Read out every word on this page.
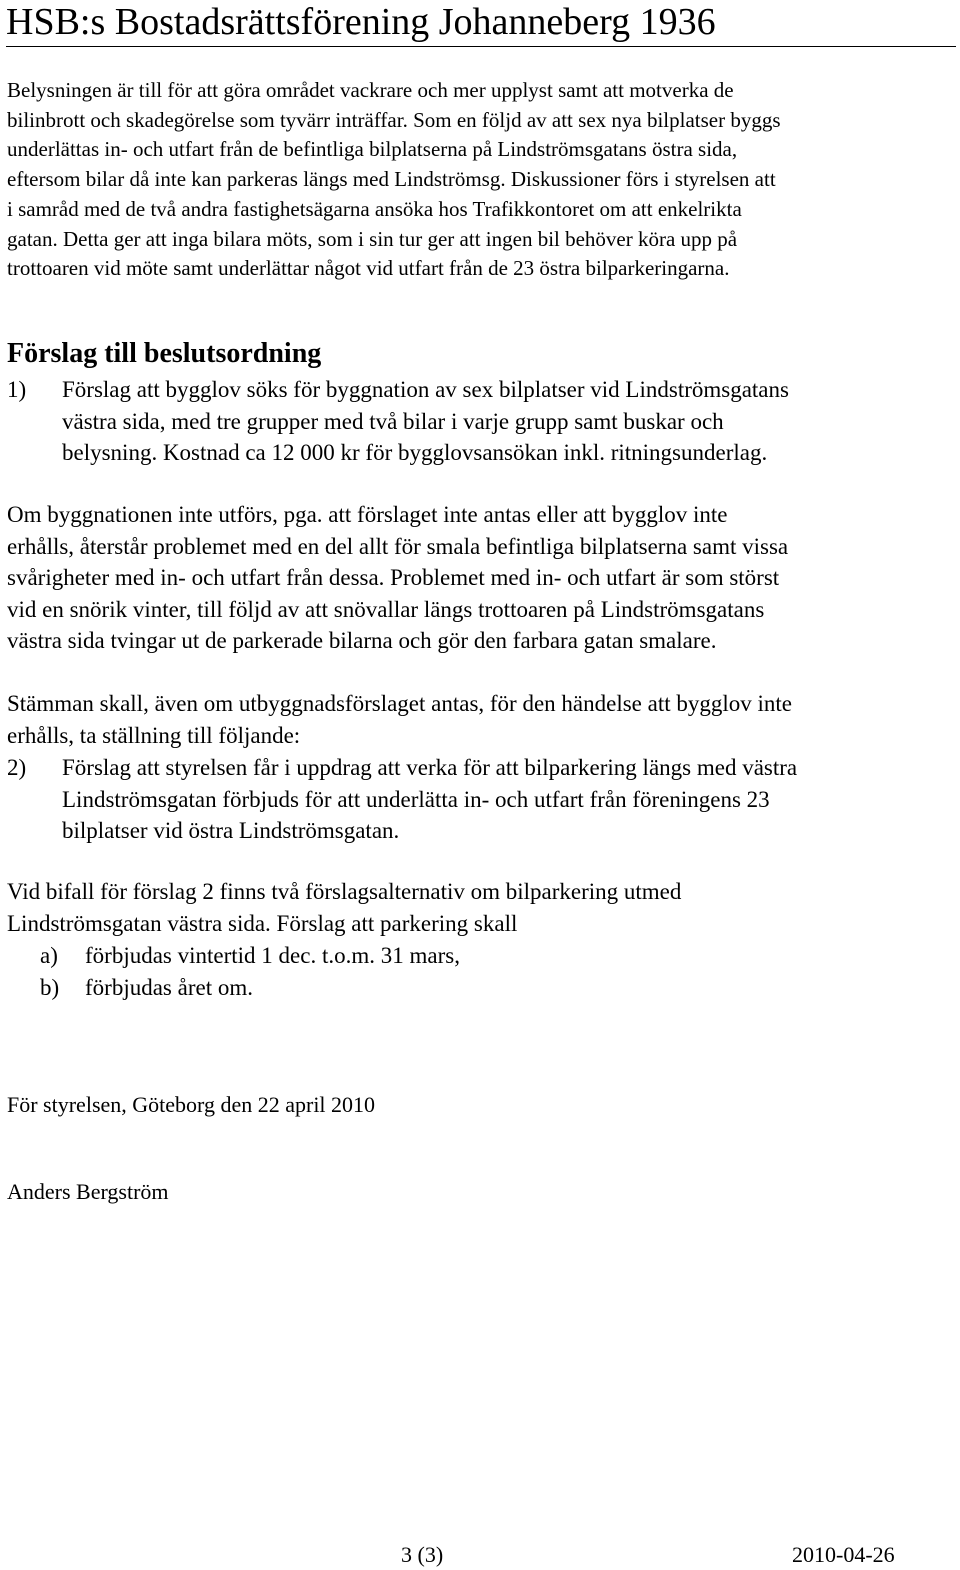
HSB:s Bostadsrättsförening Johanneberg 1936
Belysningen är till för att göra området vackrare och mer upplyst samt att motverka de
bilinbrott och skadegörelse som tyvärr inträffar. Som en följd av att sex nya bilplatser byggs
underlättas in- och utfart från de befintliga bilplatserna på Lindströmsgatans östra sida,
eftersom bilar då inte kan parkeras längs med Lindströmsg. Diskussioner förs i styrelsen att
i samråd med de två andra fastighetsägarna ansöka hos Trafikkontoret om att enkelrikta
gatan. Detta ger att inga bilara möts, som i sin tur ger att ingen bil behöver köra upp på
trottoaren vid möte samt underlättar något vid utfart från de 23 östra bilparkeringarna.
Förslag till beslutsordning
1) Förslag att bygglov söks för byggnation av sex bilplatser vid Lindströmsgatans
västra sida, med tre grupper med två bilar i varje grupp samt buskar och
belysning. Kostnad ca 12 000 kr för bygglovsansökan inkl. ritningsunderlag.
Om byggnationen inte utförs, pga. att förslaget inte antas eller att bygglov inte
erhålls, återstår problemet med en del allt för smala befintliga bilplatserna samt vissa
svårigheter med in- och utfart från dessa. Problemet med in- och utfart är som störst
vid en snörik vinter, till följd av att snövallar längs trottoaren på Lindströmsgatans
västra sida tvingar ut de parkerade bilarna och gör den farbara gatan smalare.
Stämman skall, även om utbyggnadsförslaget antas, för den händelse att bygglov inte
erhålls, ta ställning till följande:
2) Förslag att styrelsen får i uppdrag att verka för att bilparkering längs med västra
Lindströmsgatan förbjuds för att underlätta in- och utfart från föreningens 23
bilplatser vid östra Lindströmsgatan.
Vid bifall för förslag 2 finns två förslagsalternativ om bilparkering utmed
Lindströmsgatan västra sida. Förslag att parkering skall
a) förbjudas vintertid 1 dec. t.o.m. 31 mars,
b) förbjudas året om.
För styrelsen, Göteborg den 22 april 2010
Anders Bergström
3 (3)	2010-04-26
